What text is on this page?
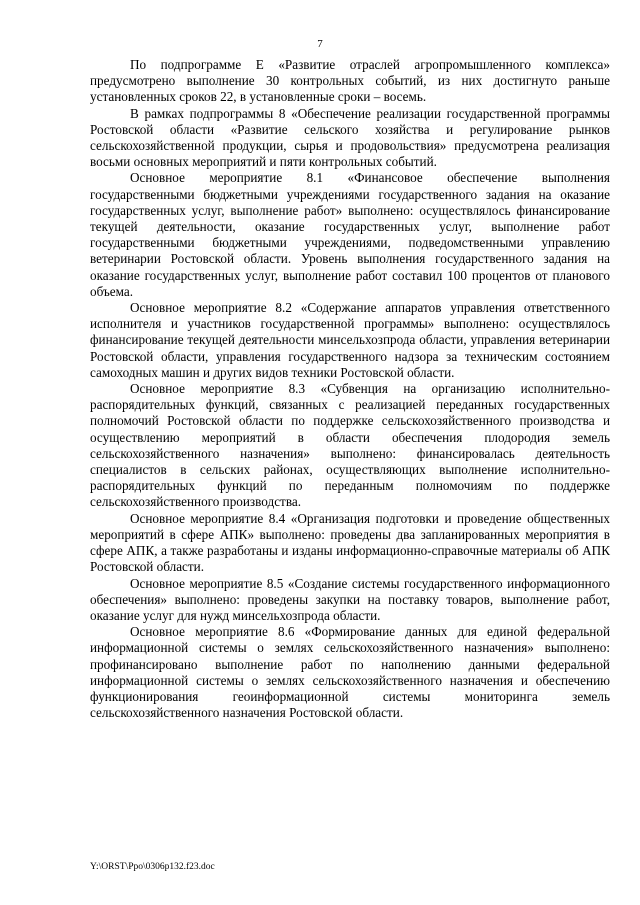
7

По подпрограмме Е «Развитие отраслей агропромышленного комплекса» предусмотрено выполнение 30 контрольных событий, из них достигнуто раньше установленных сроков 22, в установленные сроки – восемь.

В рамках подпрограммы 8 «Обеспечение реализации государственной программы Ростовской области «Развитие сельского хозяйства и регулирование рынков сельскохозяйственной продукции, сырья и продовольствия» предусмотрена реализация восьми основных мероприятий и пяти контрольных событий.

Основное мероприятие 8.1 «Финансовое обеспечение выполнения государственными бюджетными учреждениями государственного задания на оказание государственных услуг, выполнение работ» выполнено: осуществлялось финансирование текущей деятельности, оказание государственных услуг, выполнение работ государственными бюджетными учреждениями, подведомственными управлению ветеринарии Ростовской области. Уровень выполнения государственного задания на оказание государственных услуг, выполнение работ составил 100 процентов от планового объема.

Основное мероприятие 8.2 «Содержание аппаратов управления ответственного исполнителя и участников государственной программы» выполнено: осуществлялось финансирование текущей деятельности минсельхозпрода области, управления ветеринарии Ростовской области, управления государственного надзора за техническим состоянием самоходных машин и других видов техники Ростовской области.

Основное мероприятие 8.3 «Субвенция на организацию исполнительно-распорядительных функций, связанных с реализацией переданных государственных полномочий Ростовской области по поддержке сельскохозяйственного производства и осуществлению мероприятий в области обеспечения плодородия земель сельскохозяйственного назначения» выполнено: финансировалась деятельность специалистов в сельских районах, осуществляющих выполнение исполнительно-распорядительных функций по переданным полномочиям по поддержке сельскохозяйственного производства.

Основное мероприятие 8.4 «Организация подготовки и проведение общественных мероприятий в сфере АПК» выполнено: проведены два запланированных мероприятия в сфере АПК, а также разработаны и изданы информационно-справочные материалы об АПК Ростовской области.

Основное мероприятие 8.5 «Создание системы государственного информационного обеспечения» выполнено: проведены закупки на поставку товаров, выполнение работ, оказание услуг для нужд минсельхозпрода области.

Основное мероприятие 8.6 «Формирование данных для единой федеральной информационной системы о землях сельскохозяйственного назначения» выполнено: профинансировано выполнение работ по наполнению данными федеральной информационной системы о землях сельскохозяйственного назначения и обеспечению функционирования геоинформационной системы мониторинга земель сельскохозяйственного назначения Ростовской области.

Y:\ORST\Ppo\0306p132.f23.doc
